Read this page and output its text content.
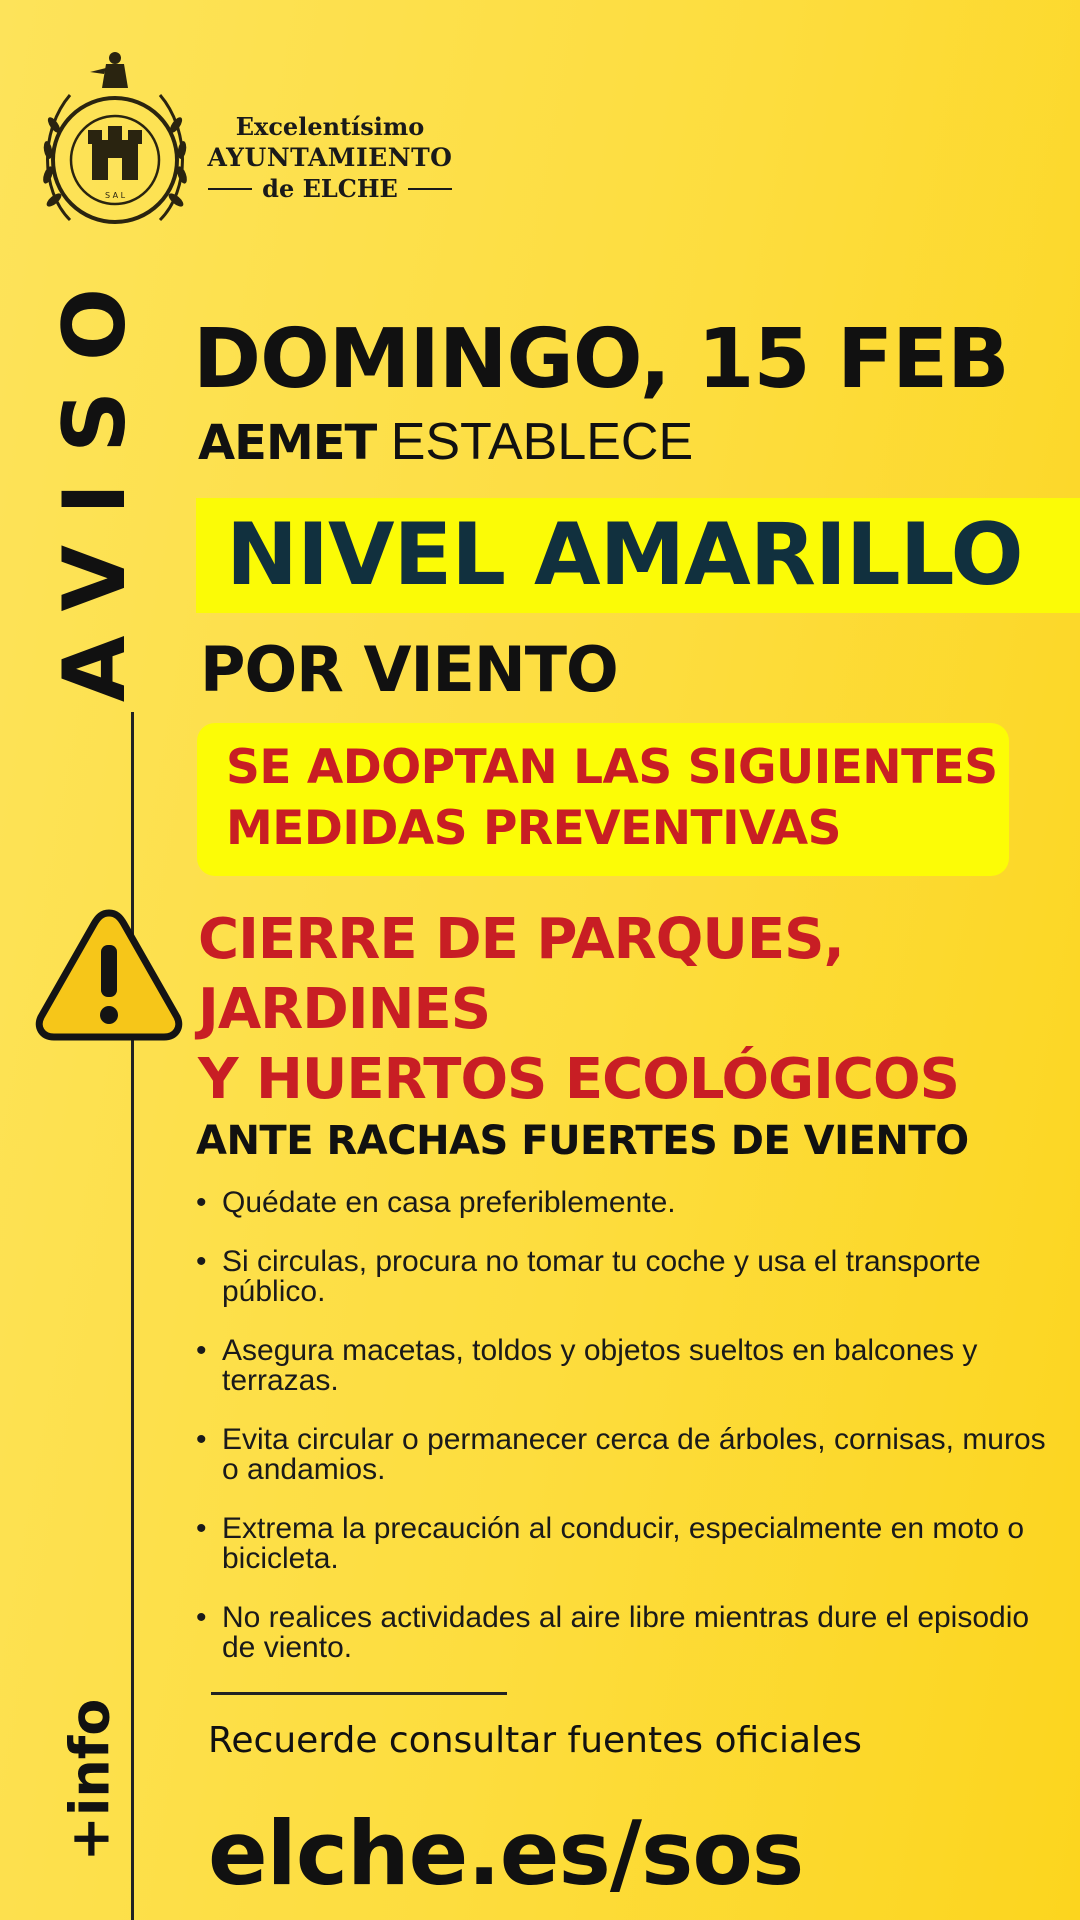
S A L
Excelentísimo
AYUNTAMIENTO
de ELCHE
AVISO
+info
DOMINGO, 15 FEB
AEMET ESTABLECE
NIVEL AMARILLO
POR VIENTO
SE ADOPTAN LAS SIGUIENTES
MEDIDAS PREVENTIVAS
CIERRE DE PARQUES, JARDINES
Y HUERTOS ECOLÓGICOS
ANTE RACHAS FUERTES DE VIENTO
• Quédate en casa preferiblemente.
• Si circulas, procura no tomar tu coche y usa el transporte público.
• Asegura macetas, toldos y objetos sueltos en balcones y terrazas.
• Evita circular o permanecer cerca de árboles, cornisas, muros o andamios.
• Extrema la precaución al conducir, especialmente en moto o bicicleta.
• No realices actividades al aire libre mientras dure el episodio de viento.
Recuerde consultar fuentes oficiales
elche.es/sos
